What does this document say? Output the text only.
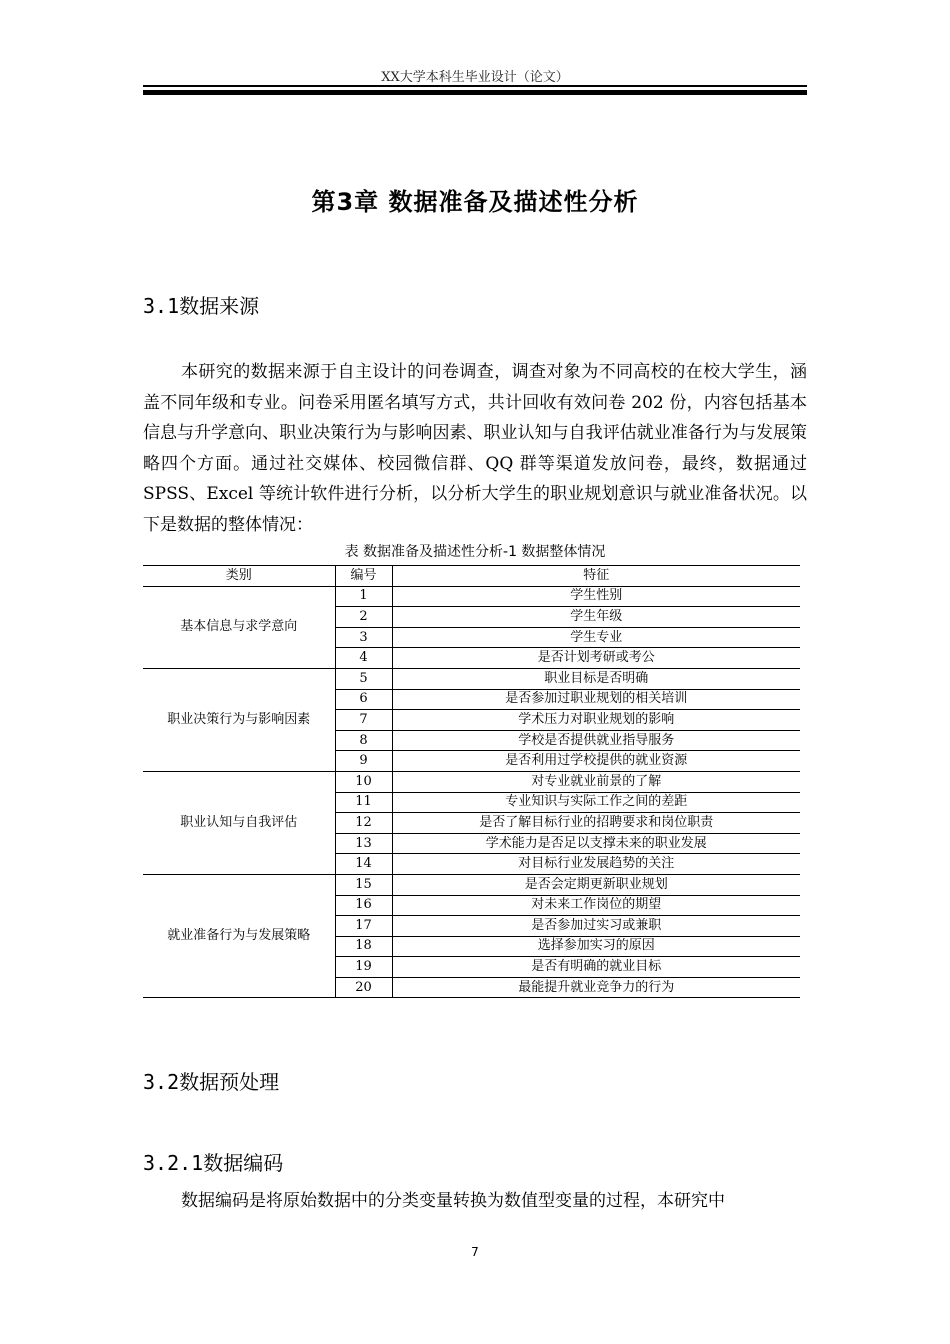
XX大学本科生毕业设计（论文）
第3章 数据准备及描述性分析
3.1数据来源
本研究的数据来源于自主设计的问卷调查，调查对象为不同高校的在校大学生，涵盖不同年级和专业。问卷采用匿名填写方式，共计回收有效问卷 202 份，内容包括基本信息与升学意向、职业决策行为与影响因素、职业认知与自我评估就业准备行为与发展策略四个方面。通过社交媒体、校园微信群、QQ 群等渠道发放问卷，最终，数据通过 SPSS、Excel 等统计软件进行分析，以分析大学生的职业规划意识与就业准备状况。以下是数据的整体情况：
表 数据准备及描述性分析-1 数据整体情况
类别	编号	特征
基本信息与求学意向	1	学生性别
	2	学生年级
	3	学生专业
	4	是否计划考研或考公
职业决策行为与影响因素	5	职业目标是否明确
	6	是否参加过职业规划的相关培训
	7	学术压力对职业规划的影响
	8	学校是否提供就业指导服务
	9	是否利用过学校提供的就业资源
职业认知与自我评估	10	对专业就业前景的了解
	11	专业知识与实际工作之间的差距
	12	是否了解目标行业的招聘要求和岗位职责
	13	学术能力是否足以支撑未来的职业发展
	14	对目标行业发展趋势的关注
就业准备行为与发展策略	15	是否会定期更新职业规划
	16	对未来工作岗位的期望
	17	是否参加过实习或兼职
	18	选择参加实习的原因
	19	是否有明确的就业目标
	20	最能提升就业竞争力的行为
3.2数据预处理
3.2.1数据编码
数据编码是将原始数据中的分类变量转换为数值型变量的过程，本研究中
7
